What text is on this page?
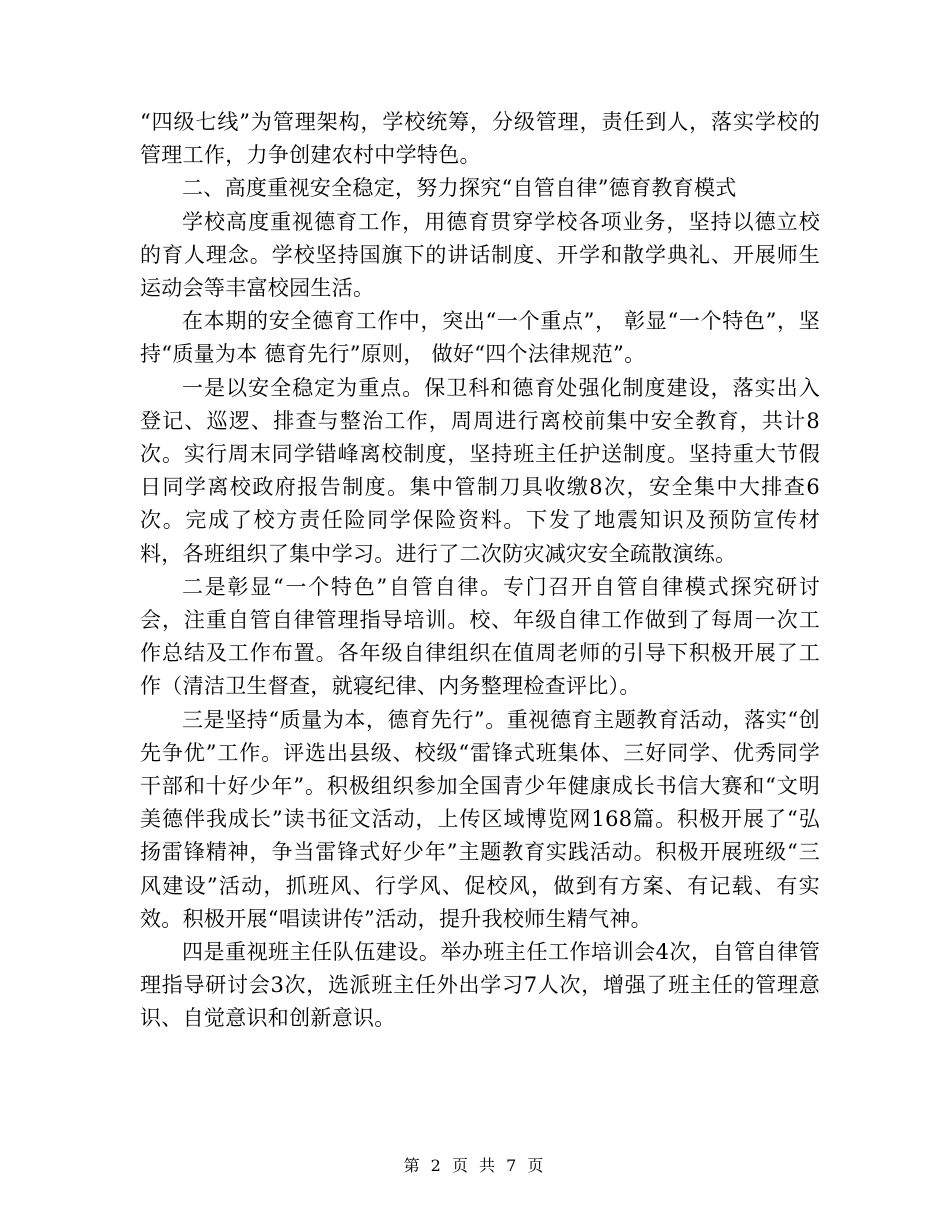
“四级七线”为管理架构，学校统筹，分级管理，责任到人，落实学校的管理工作，力争创建农村中学特色。

二、高度重视安全稳定，努力探究“自管自律”德育教育模式

学校高度重视德育工作，用德育贯穿学校各项业务，坚持以德立校的育人理念。学校坚持国旗下的讲话制度、开学和散学典礼、开展师生运动会等丰富校园生活。

在本期的安全德育工作中，突出“一个重点”， 彰显“一个特色”，坚持“质量为本 德育先行”原则， 做好“四个法律规范”。

一是以安全稳定为重点。保卫科和德育处强化制度建设，落实出入登记、巡逻、排查与整治工作，周周进行离校前集中安全教育，共计8次。实行周末同学错峰离校制度，坚持班主任护送制度。坚持重大节假日同学离校政府报告制度。集中管制刀具收缴8次，安全集中大排查6次。完成了校方责任险同学保险资料。下发了地震知识及预防宣传材料，各班组织了集中学习。进行了二次防灾减灾安全疏散演练。

二是彰显“一个特色”自管自律。专门召开自管自律模式探究研讨会，注重自管自律管理指导培训。校、年级自律工作做到了每周一次工作总结及工作布置。各年级自律组织在值周老师的引导下积极开展了工作（清洁卫生督查，就寝纪律、内务整理检查评比）。

三是坚持“质量为本，德育先行”。重视德育主题教育活动，落实“创先争优”工作。评选出县级、校级“雷锋式班集体、三好同学、优秀同学干部和十好少年”。积极组织参加全国青少年健康成长书信大赛和“文明美德伴我成长”读书征文活动，上传区域博览网168篇。积极开展了“弘扬雷锋精神，争当雷锋式好少年”主题教育实践活动。积极开展班级“三风建设”活动，抓班风、行学风、促校风，做到有方案、有记载、有实效。积极开展“唱读讲传”活动，提升我校师生精气神。

四是重视班主任队伍建设。举办班主任工作培训会4次，自管自律管理指导研讨会3次，选派班主任外出学习7人次，增强了班主任的管理意识、自觉意识和创新意识。

第 2 页 共 7 页
